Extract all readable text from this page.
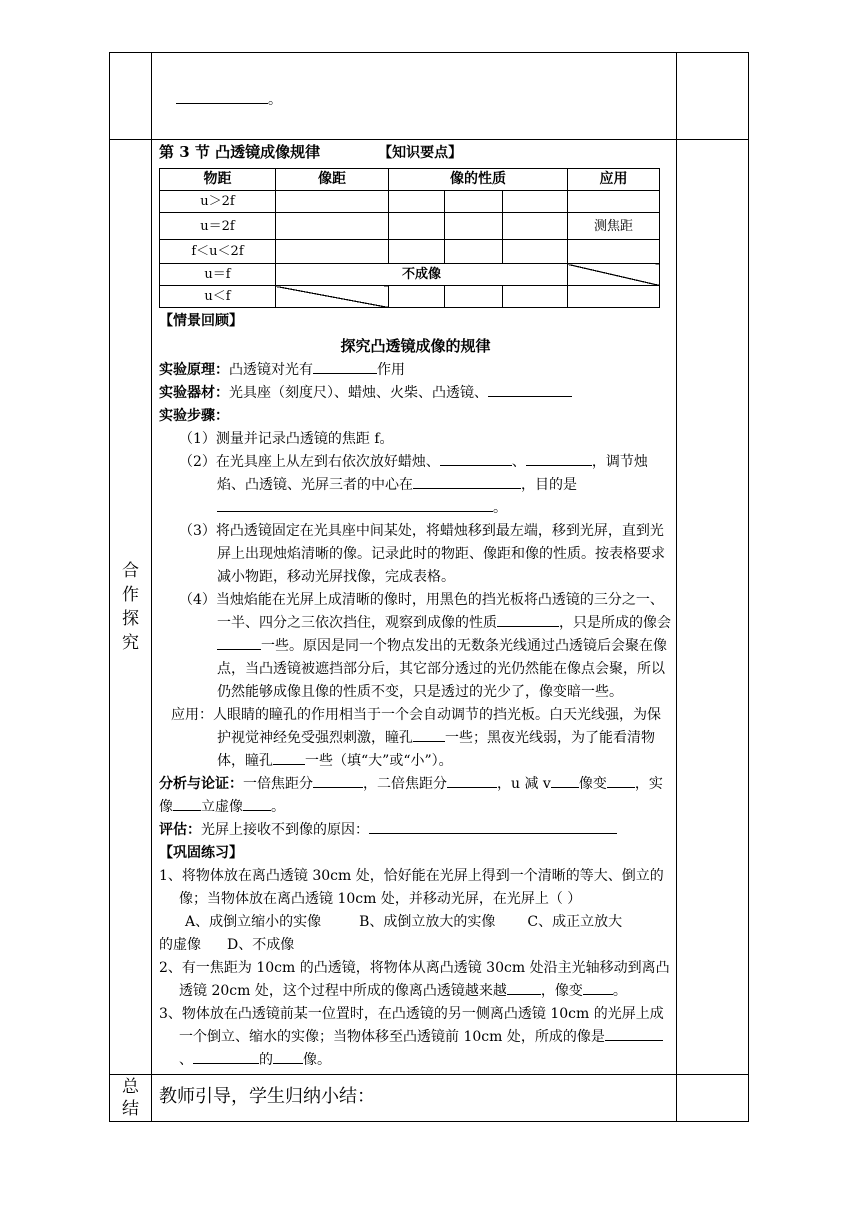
。

合
作
探
究

第 3 节 凸透镜成像规律	【知识要点】
物距	像距	像的性质	应用
u＞2f					
u＝2f					测焦距
f＜u＜2f					
u＝f	不成像	
u＜f					
【情景回顾】
探究凸透镜成像的规律
实验原理：凸透镜对光有	作用
实验器材：光具座（刻度尺）、蜡烛、火柴、凸透镜、
实验步骤：
（1）测量并记录凸透镜的焦距 f。
（2）在光具座上从左到右依次放好蜡烛、	、	，调节烛焰、凸透镜、光屏三者的中心在	，目的是 。
（3）将凸透镜固定在光具座中间某处，将蜡烛移到最左端，移到光屏，直到光屏上出现烛焰清晰的像。记录此时的物距、像距和像的性质。按表格要求减小物距，移动光屏找像，完成表格。
（4）当烛焰能在光屏上成清晰的像时，用黑色的挡光板将凸透镜的三分之一、一半、四分之三依次挡住，观察到成像的性质	，只是所成的像会一些。原因是同一个物点发出的无数条光线通过凸透镜后会聚在像点，当凸透镜被遮挡部分后，其它部分透过的光仍然能在像点会聚，所以仍然能够成像且像的性质不变，只是透过的光少了，像变暗一些。
应用：人眼睛的瞳孔的作用相当于一个会自动调节的挡光板。白天光线强，为保护视觉神经免受强烈刺激，瞳孔 一些；黑夜光线弱，为了能看清物体，瞳孔 一些（填“大”或“小”）。
分析与论证：一倍焦距分	，二倍焦距分	，u 减 v 像变 ，实像 立虚像 。
评估：光屏上接收不到像的原因：
【巩固练习】
1、将物体放在离凸透镜 30cm 处，恰好能在光屏上得到一个清晰的等大、倒立的像；当物体放在离凸透镜 10cm 处，并移动光屏，在光屏上（ ）
A、成倒立缩小的实像	B、成倒立放大的实像 C、成正立放大
的虚像 D、不成像
2、有一焦距为 10cm 的凸透镜，将物体从离凸透镜 30cm 处沿主光轴移动到离凸透镜 20cm 处，这个过程中所成的像离凸透镜越来越 ，像变 。
3、物体放在凸透镜前某一位置时，在凸透镜的另一侧离凸透镜 10cm 的光屏上成一个倒立、缩水的实像；当物体移至凸透镜前 10cm 处，所成的像是、	的 像。

总
结

教师引导，学生归纳小结：
